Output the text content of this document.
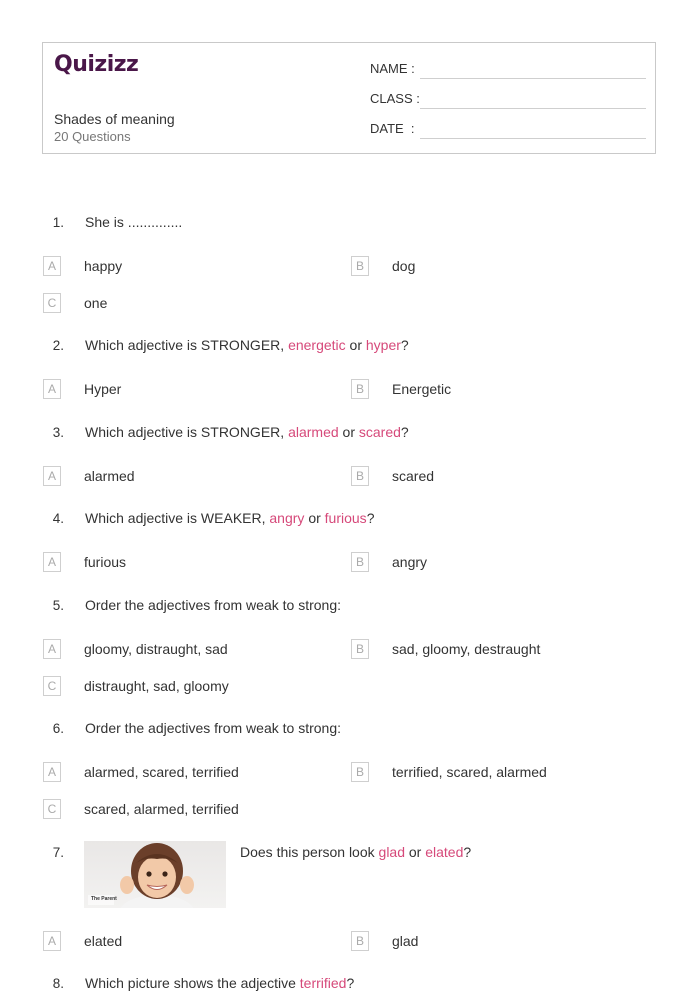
Quizizz
Shades of meaning
20 Questions
NAME :
CLASS :
DATE  :
1. She is ..............
A	happy	B	dog
C	one
2. Which adjective is STRONGER, energetic or hyper?
A	Hyper	B	Energetic
3. Which adjective is STRONGER, alarmed or scared?
A	alarmed	B	scared
4. Which adjective is WEAKER, angry or furious?
A	furious	B	angry
5. Order the adjectives from weak to strong:
A	gloomy, distraught, sad	B	sad, gloomy, destraught
C	distraught, sad, gloomy
6. Order the adjectives from weak to strong:
A	alarmed, scared, terrified	B	terrified, scared, alarmed
C	scared, alarmed, terrified
7.
The Parent
Does this person look glad or elated?
A	elated	B	glad
8. Which picture shows the adjective terrified?
